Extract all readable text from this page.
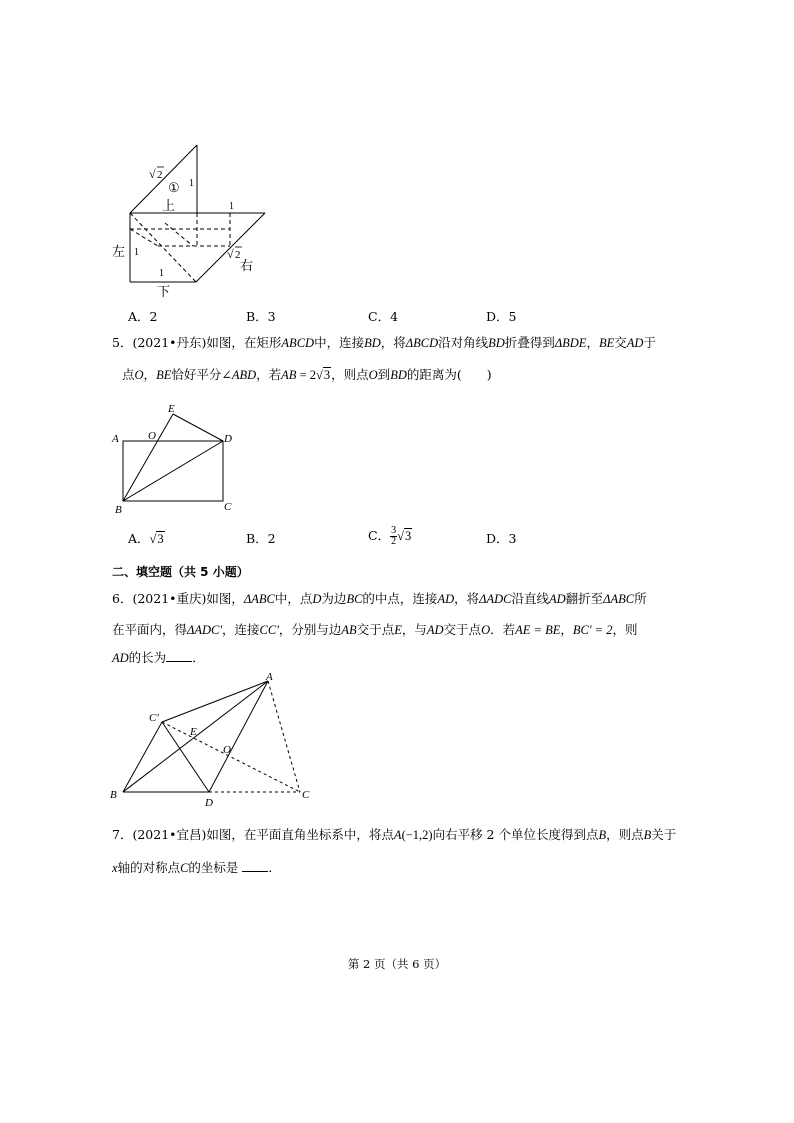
√ 2
① 1
上	1
左 1	√ 2
右
1
下
A．2	B．3	C．4	D．5
5．(2021•丹东)如图，在矩形ABCD中，连接BD，将ΔBCD沿对角线BD折叠得到ΔBDE，BE交AD于
点O，BE恰好平分∠ABD，若AB = 2√3，则点O到BD的距离为(　　)
A	O
E
D
B	C
A．√3	B．2	C． $\frac{3}{2} √3$	D．3
二、填空题（共 5 小题）
6．(2021•重庆)如图，ΔABC中，点D为边BC的中点，连接AD，将ΔADC沿直线AD翻折至ΔABC所
在平面内，得ΔADC'，连接CC'，分别与边AB交于点E，与AD交于点O．若AE = BE，BC' = 2，则
AD的长为 ．
A
C'
E
O
B
D
C
7．(2021•宜昌)如图，在平面直角坐标系中，将点A(−1,2)向右平移 2 个单位长度得到点B，则点B关于
x轴的对称点C的坐标是 ．
第 2 页（共 6 页）
